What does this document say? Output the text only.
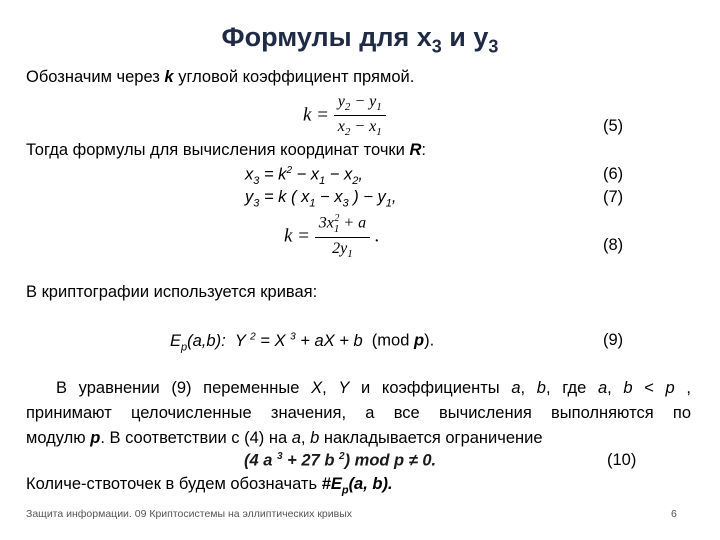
Формулы для $x_3$ и $y_3$
Обозначим через k угловой коэффициент прямой.
$k = \frac{y_2 - y_1}{x_2 - x_1}$	(5)
Тогда формулы для вычисления координат точки R:
$x_3 = k^2 - x_1 - x_2$,	(6)
$y_3 = k$ ( $x_1 - x_3$ ) − $y_1$,	(7)
$k = \frac{3x_1^2 + a}{2y_1}$ .	(8)
В криптографии используется кривая:
$E_p(a,b)$: Y $^2$ = X $^3$ + aX + b (mod p).	(9)
В уравнении (9) переменные X, Y и коэффициенты a, b, где a, b < p ,
принимают целочисленные значения, а все вычисления выполняются по
модулю p. В соответствии с (4) на a, b накладывается ограничение
(4 a $^3$ + 27 b $^2$) mod p ≠ 0.	(10)
Количе-ствоточек в будем обозначать $\#E_p(a$, b).
Защита информации. 09 Криптосистемы на эллиптических кривых	6
